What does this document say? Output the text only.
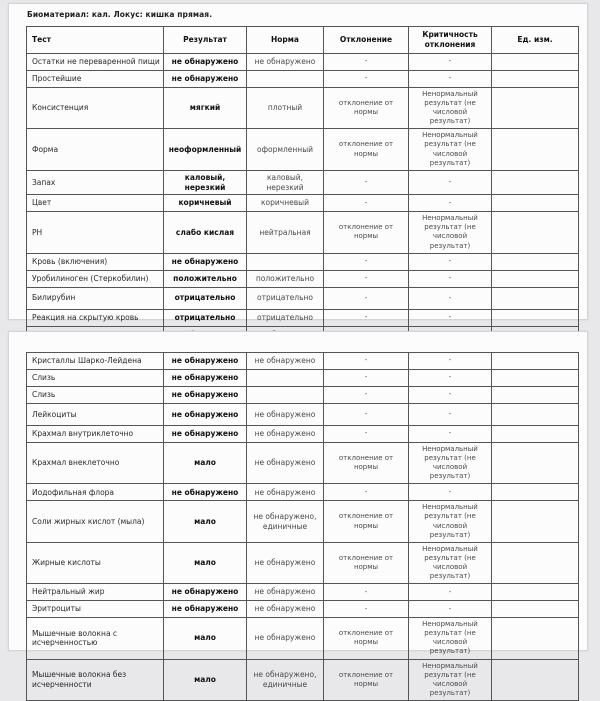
Биоматериал: кал. Локус: кишка прямая.
Тест	Результат	Норма	Отклонение	Критичность отклонения	Ед. изм.
Остатки не переваренной пищи	не обнаружено	не обнаружено	-	-	
Простейшие	не обнаружено		-	-	
Консистенция	мягкий	плотный	отклонение от нормы	Ненормальный результат (не числовой результат)	
Форма	неоформленный	оформленный	отклонение от нормы	Ненормальный результат (не числовой результат)	
Запах	каловый, нерезкий	каловый, нерезкий	-	-	
Цвет	коричневый	коричневый	-	-	
РН	слабо кислая	нейтральная	отклонение от нормы	Ненормальный результат (не числовой результат)	
Кровь (включения)	не обнаружено		-	-	
Уробилиноген (Стеркобилин)	положительно	положительно	-	-	
Билирубин	отрицательно	отрицательно	-	-	
Реакция на скрытую кровь	отрицательно	отрицательно	-	-	

Кристаллы Шарко-Лейдена	не обнаружено	не обнаружено	-	-	
Слизь	не обнаружено		-	-	
Слизь	не обнаружено		-	-	
Лейкоциты	не обнаружено	не обнаружено	-	-	
Крахмал внутриклеточно	не обнаружено	не обнаружено	-	-	
Крахмал внеклеточно	мало	не обнаружено	отклонение от нормы	Ненормальный результат (не числовой результат)	
Иодофильная флора	не обнаружено	не обнаружено	-	-	
Соли жирных кислот (мыла)	мало	не обнаружено, единичные	отклонение от нормы	Ненормальный результат (не числовой результат)	
Жирные кислоты	мало	не обнаружено	отклонение от нормы	Ненормальный результат (не числовой результат)	
Нейтральный жир	не обнаружено	не обнаружено	-	-	
Эритроциты	не обнаружено	не обнаружено	-	-	
Мышечные волокна с исчерченностью	мало	не обнаружено	отклонение от нормы	Ненормальный результат (не числовой результат)	
Мышечные волокна без исчерченности	мало	не обнаружено, единичные	отклонение от нормы	Ненормальный результат (не числовой результат)	
